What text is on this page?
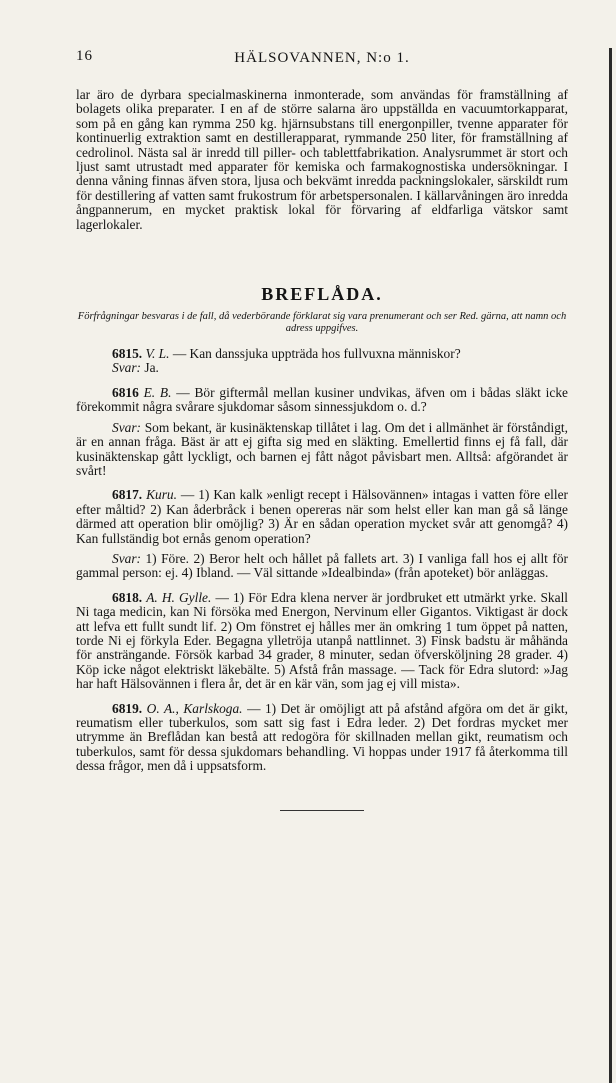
16	HÄLSOVANNEN, N:o 1.

lar äro de dyrbara specialmaskinerna inmonterade, som användas för framställning af bolagets olika preparater. I en af de större salarna äro uppställda en vacuumtorkapparat, som på en gång kan rymma 250 kg. hjärnsubstans till energonpiller, tvenne apparater för kontinuerlig extraktion samt en destillerapparat, rymmande 250 liter, för framställning af cedrolinol. Nästa sal är inredd till piller- och tablettfabrikation. Analysrummet är stort och ljust samt utrustadt med apparater för kemiska och farmakognostiska undersökningar. I denna våning finnas äfven stora, ljusa och bekvämt inredda packningslokaler, särskildt rum för destillering af vatten samt frukostrum för arbetspersonalen. I källarvåningen äro inredda ångpannerum, en mycket praktisk lokal för förvaring af eldfarliga vätskor samt lagerlokaler.

BREFLÅDA.
Förfrågningar besvaras i de fall, då vederbörande förklarat sig vara prenumerant och ser Red. gärna, att namn och adress uppgifves.

6815. V. L. — Kan danssjuka uppträda hos fullvuxna människor?

Svar: Ja.

6816 E. B. — Bör giftermål mellan kusiner undvikas, äfven om i bådas släkt icke förekommit några svårare sjukdomar såsom sinnessjukdom o. d.?

Svar: Som bekant, är kusinäktenskap tillåtet i lag. Om det i allmänhet är förståndigt, är en annan fråga. Bäst är att ej gifta sig med en släkting. Emellertid finns ej få fall, där kusinäktenskap gått lyckligt, och barnen ej fått något påvisbart men. Alltså: afgörandet är svårt!

6817. Kuru. — 1) Kan kalk »enligt recept i Hälsovännen» intagas i vatten före eller efter måltid? 2) Kan åderbråck i benen opereras när som helst eller kan man gå så länge därmed att operation blir omöjlig? 3) Är en sådan operation mycket svår att genomgå? 4) Kan fullständig bot ernås genom operation?

Svar: 1) Före. 2) Beror helt och hållet på fallets art. 3) I vanliga fall hos ej allt för gammal person: ej. 4) Ibland. — Väl sittande »Idealbinda» (från apoteket) bör anläggas.

6818. A. H. Gylle. — 1) För Edra klena nerver är jordbruket ett utmärkt yrke. Skall Ni taga medicin, kan Ni försöka med Energon, Nervinum eller Gigantos. Viktigast är dock att lefva ett fullt sundt lif. 2) Om fönstret ej hålles mer än omkring 1 tum öppet på natten, torde Ni ej förkyla Eder. Begagna ylletröja utanpå nattlinnet. 3) Finsk badstu är måhända för ansträngande. Försök karbad 34 grader, 8 minuter, sedan öfversköljning 28 grader. 4) Köp icke något elektriskt läkebälte. 5) Afstå från massage. — Tack för Edra slutord: »Jag har haft Hälsovännen i flera år, det är en kär vän, som jag ej vill mista».

6819. O. A., Karlskoga. — 1) Det är omöjligt att på afstånd afgöra om det är gikt, reumatism eller tuberkulos, som satt sig fast i Edra leder. 2) Det fordras mycket mer utrymme än Breflådan kan bestå att redogöra för skillnaden mellan gikt, reumatism och tuberkulos, samt för dessa sjukdomars behandling. Vi hoppas under 1917 få återkomma till dessa frågor, men då i uppsatsform.
